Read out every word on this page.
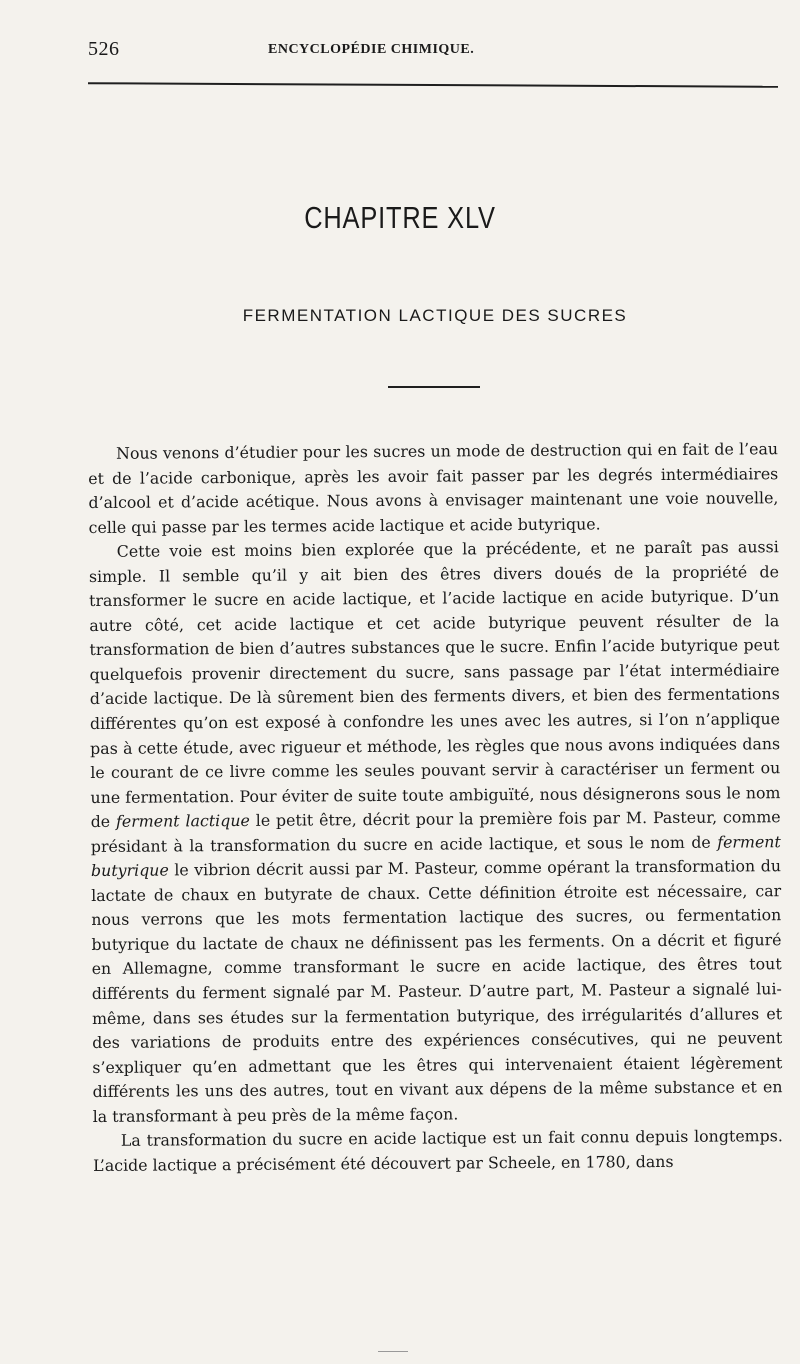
526	ENCYCLOPÉDIE CHIMIQUE.
CHAPITRE XLV
FERMENTATION LACTIQUE DES SUCRES

Nous venons d’étudier pour les sucres un mode de destruction qui en fait de l’eau et de l’acide carbonique, après les avoir fait passer par les degrés intermédiaires d’alcool et d’acide acétique. Nous avons à envisager maintenant une voie nouvelle, celle qui passe par les termes acide lactique et acide butyrique.

Cette voie est moins bien explorée que la précédente, et ne paraît pas aussi simple. Il semble qu’il y ait bien des êtres divers doués de la propriété de transformer le sucre en acide lactique, et l’acide lactique en acide butyrique. D’un autre côté, cet acide lactique et cet acide butyrique peuvent résulter de la transformation de bien d’autres substances que le sucre. Enfin l’acide butyrique peut quelquefois provenir directement du sucre, sans passage par l’état intermédiaire d’acide lactique. De là sûrement bien des ferments divers, et bien des fermentations différentes qu’on est exposé à confondre les unes avec les autres, si l’on n’applique pas à cette étude, avec rigueur et méthode, les règles que nous avons indiquées dans le courant de ce livre comme les seules pouvant servir à caractériser un ferment ou une fermentation. Pour éviter de suite toute ambiguïté, nous désignerons sous le nom de ferment lactique le petit être, décrit pour la première fois par M. Pasteur, comme présidant à la transformation du sucre en acide lactique, et sous le nom de ferment butyrique le vibrion décrit aussi par M. Pasteur, comme opérant la transformation du lactate de chaux en butyrate de chaux. Cette définition étroite est nécessaire, car nous verrons que les mots fermentation lactique des sucres, ou fermentation butyrique du lactate de chaux ne définissent pas les ferments. On a décrit et figuré en Allemagne, comme transformant le sucre en acide lactique, des êtres tout différents du ferment signalé par M. Pasteur. D’autre part, M. Pasteur a signalé lui-même, dans ses études sur la fermentation butyrique, des irrégularités d’allures et des variations de produits entre des expériences consécutives, qui ne peuvent s’expliquer qu’en admettant que les êtres qui intervenaient étaient légèrement différents les uns des autres, tout en vivant aux dépens de la même substance et en la transformant à peu près de la même façon.

La transformation du sucre en acide lactique est un fait connu depuis longtemps. L’acide lactique a précisément été découvert par Scheele, en 1780, dans
